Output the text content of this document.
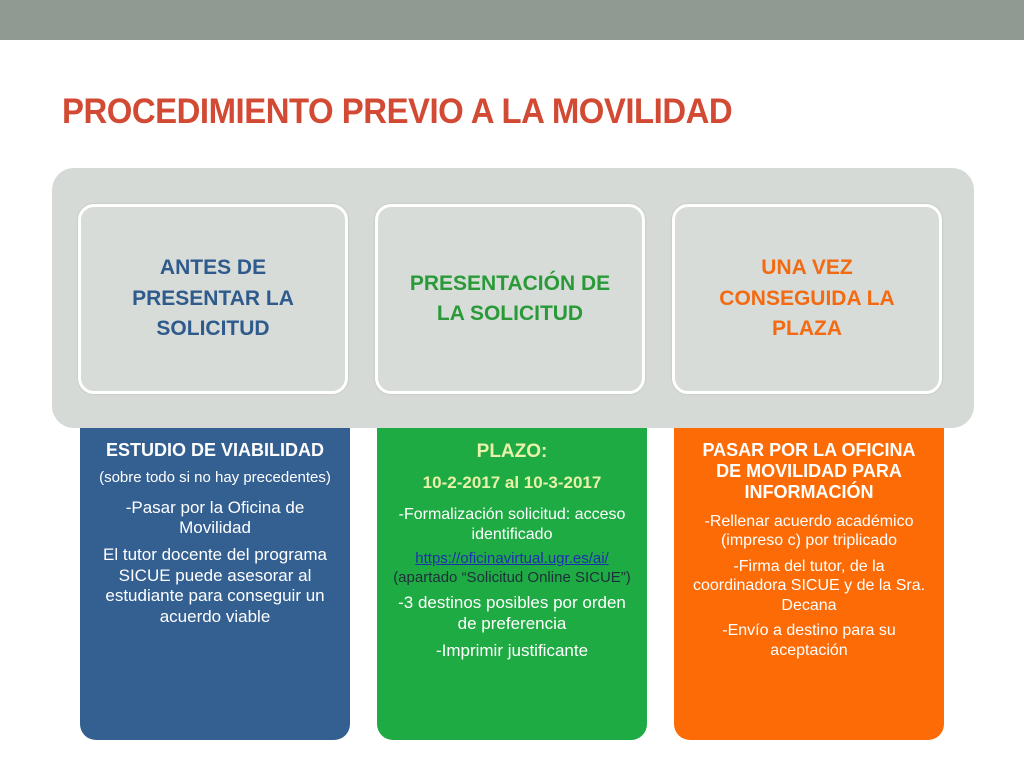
PROCEDIMIENTO PREVIO A LA MOVILIDAD
ANTES DE PRESENTAR LA SOLICITUD
PRESENTACIÓN DE LA SOLICITUD
UNA VEZ CONSEGUIDA LA PLAZA

ESTUDIO DE VIABILIDAD

(sobre todo si no hay precedentes)

-Pasar por la Oficina de Movilidad

El tutor docente del programa SICUE puede asesorar al estudiante para conseguir un acuerdo viable

PLAZO:

10-2-2017 al 10-3-2017

-Formalización solicitud: acceso identificado

https://oficinavirtual.ugr.es/ai/

(apartado “Solicitud Online SICUE”)

-3 destinos posibles por orden de preferencia

-Imprimir justificante

PASAR POR LA OFICINA DE MOVILIDAD PARA INFORMACIÓN

-Rellenar acuerdo académico (impreso c) por triplicado

-Firma del tutor, de la coordinadora SICUE y de la Sra. Decana

-Envío a destino para su aceptación
